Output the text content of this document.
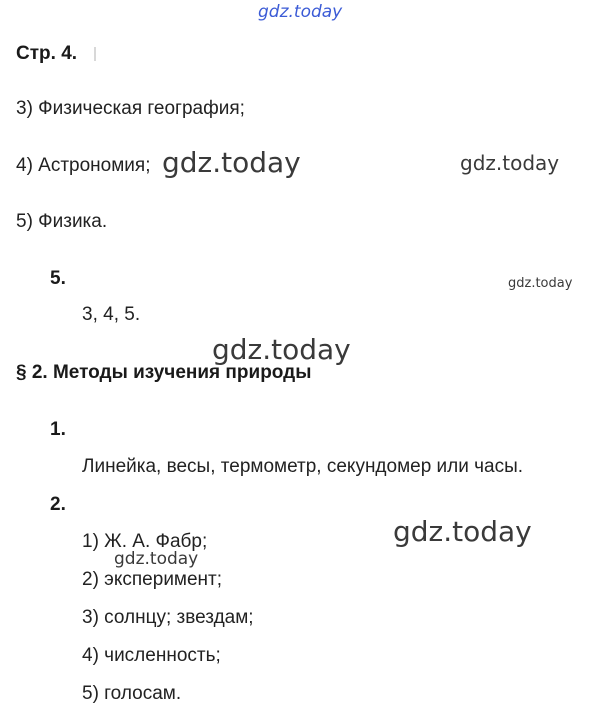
gdz.today
Стр. 4.
3) Физическая география;
4) Астрономия; gdz.today	gdz.today
5) Физика.
5.	gdz.today
3, 4, 5.
gdz.today
§ 2. Методы изучения природы
1.
Линейка, весы, термометр, секундомер или часы.
2.
gdz.today
1) Ж. А. Фабр;
gdz.today
2) эксперимент;
3) солнцу; звездам;
4) численность;
5) голосам.
